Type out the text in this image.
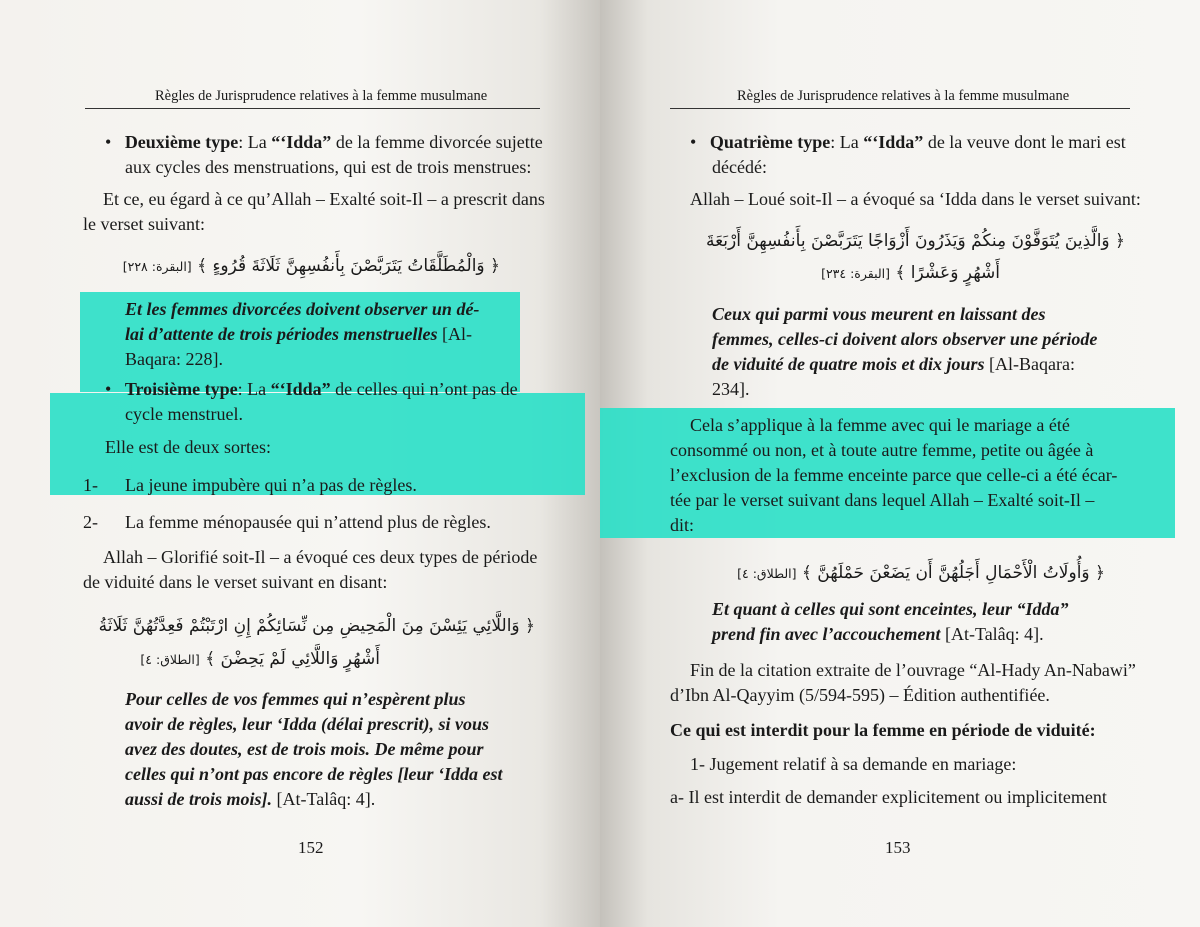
Règles de Jurisprudence relatives à la femme musulmane
•   Deuxième type: La “‘Idda” de la femme divorcée sujette
aux cycles des menstruations, qui est de trois menstrues:
Et ce, eu égard à ce qu’Allah – Exalté soit-Il – a prescrit dans
le verset suivant:
﴿ وَالْمُطَلَّقَاتُ يَتَرَبَّصْنَ بِأَنفُسِهِنَّ ثَلَاثَةَ قُرُوءٍ ﴾ [البقرة: ٢٢٨]
Et les femmes divorcées doivent observer un dé-
lai d’attente de trois périodes menstruelles [Al-
Baqara: 228].
•   Troisième type: La “‘Idda” de celles qui n’ont pas de
cycle menstruel.
Elle est de deux sortes:
1- La jeune impubère qui n’a pas de règles.
2- La femme ménopausée qui n’attend plus de règles.
Allah – Glorifié soit-Il – a évoqué ces deux types de période
de viduité dans le verset suivant en disant:
﴿ وَاللَّائِي يَئِسْنَ مِنَ الْمَحِيضِ مِن نِّسَائِكُمْ إِنِ ارْتَبْتُمْ فَعِدَّتُهُنَّ ثَلَاثَةُ
أَشْهُرٍ وَاللَّائِي لَمْ يَحِضْنَ ﴾ [الطلاق: ٤]
Pour celles de vos femmes qui n’espèrent plus
avoir de règles, leur ‘Idda (délai prescrit), si vous
avez des doutes, est de trois mois. De même pour
celles qui n’ont pas encore de règles [leur ‘Idda est
aussi de trois mois]. [At-Talâq: 4].
152
Règles de Jurisprudence relatives à la femme musulmane
•   Quatrième type: La “‘Idda” de la veuve dont le mari est
décédé:
Allah – Loué soit-Il – a évoqué sa ‘Idda dans le verset suivant:
﴿ وَالَّذِينَ يُتَوَفَّوْنَ مِنكُمْ وَيَذَرُونَ أَزْوَاجًا يَتَرَبَّصْنَ بِأَنفُسِهِنَّ أَرْبَعَةَ
أَشْهُرٍ وَعَشْرًا ﴾ [البقرة: ٢٣٤]
Ceux qui parmi vous meurent en laissant des
femmes, celles-ci doivent alors observer une période
de viduité de quatre mois et dix jours [Al-Baqara:
234].
Cela s’applique à la femme avec qui le mariage a été
consommé ou non, et à toute autre femme, petite ou âgée à
l’exclusion de la femme enceinte parce que celle-ci a été écar-
tée par le verset suivant dans lequel Allah – Exalté soit-Il –
dit:
﴿ وَأُولَاتُ الْأَحْمَالِ أَجَلُهُنَّ أَن يَضَعْنَ حَمْلَهُنَّ ﴾ [الطلاق: ٤]
Et quant à celles qui sont enceintes, leur “Idda”
prend fin avec l’accouchement [At-Talâq: 4].
Fin de la citation extraite de l’ouvrage “Al-Hady An-Nabawi”
d’Ibn Al-Qayyim (5/594-595) – Édition authentifiée.
Ce qui est interdit pour la femme en période de viduité:
1- Jugement relatif à sa demande en mariage:
a- Il est interdit de demander explicitement ou implicitement
153
